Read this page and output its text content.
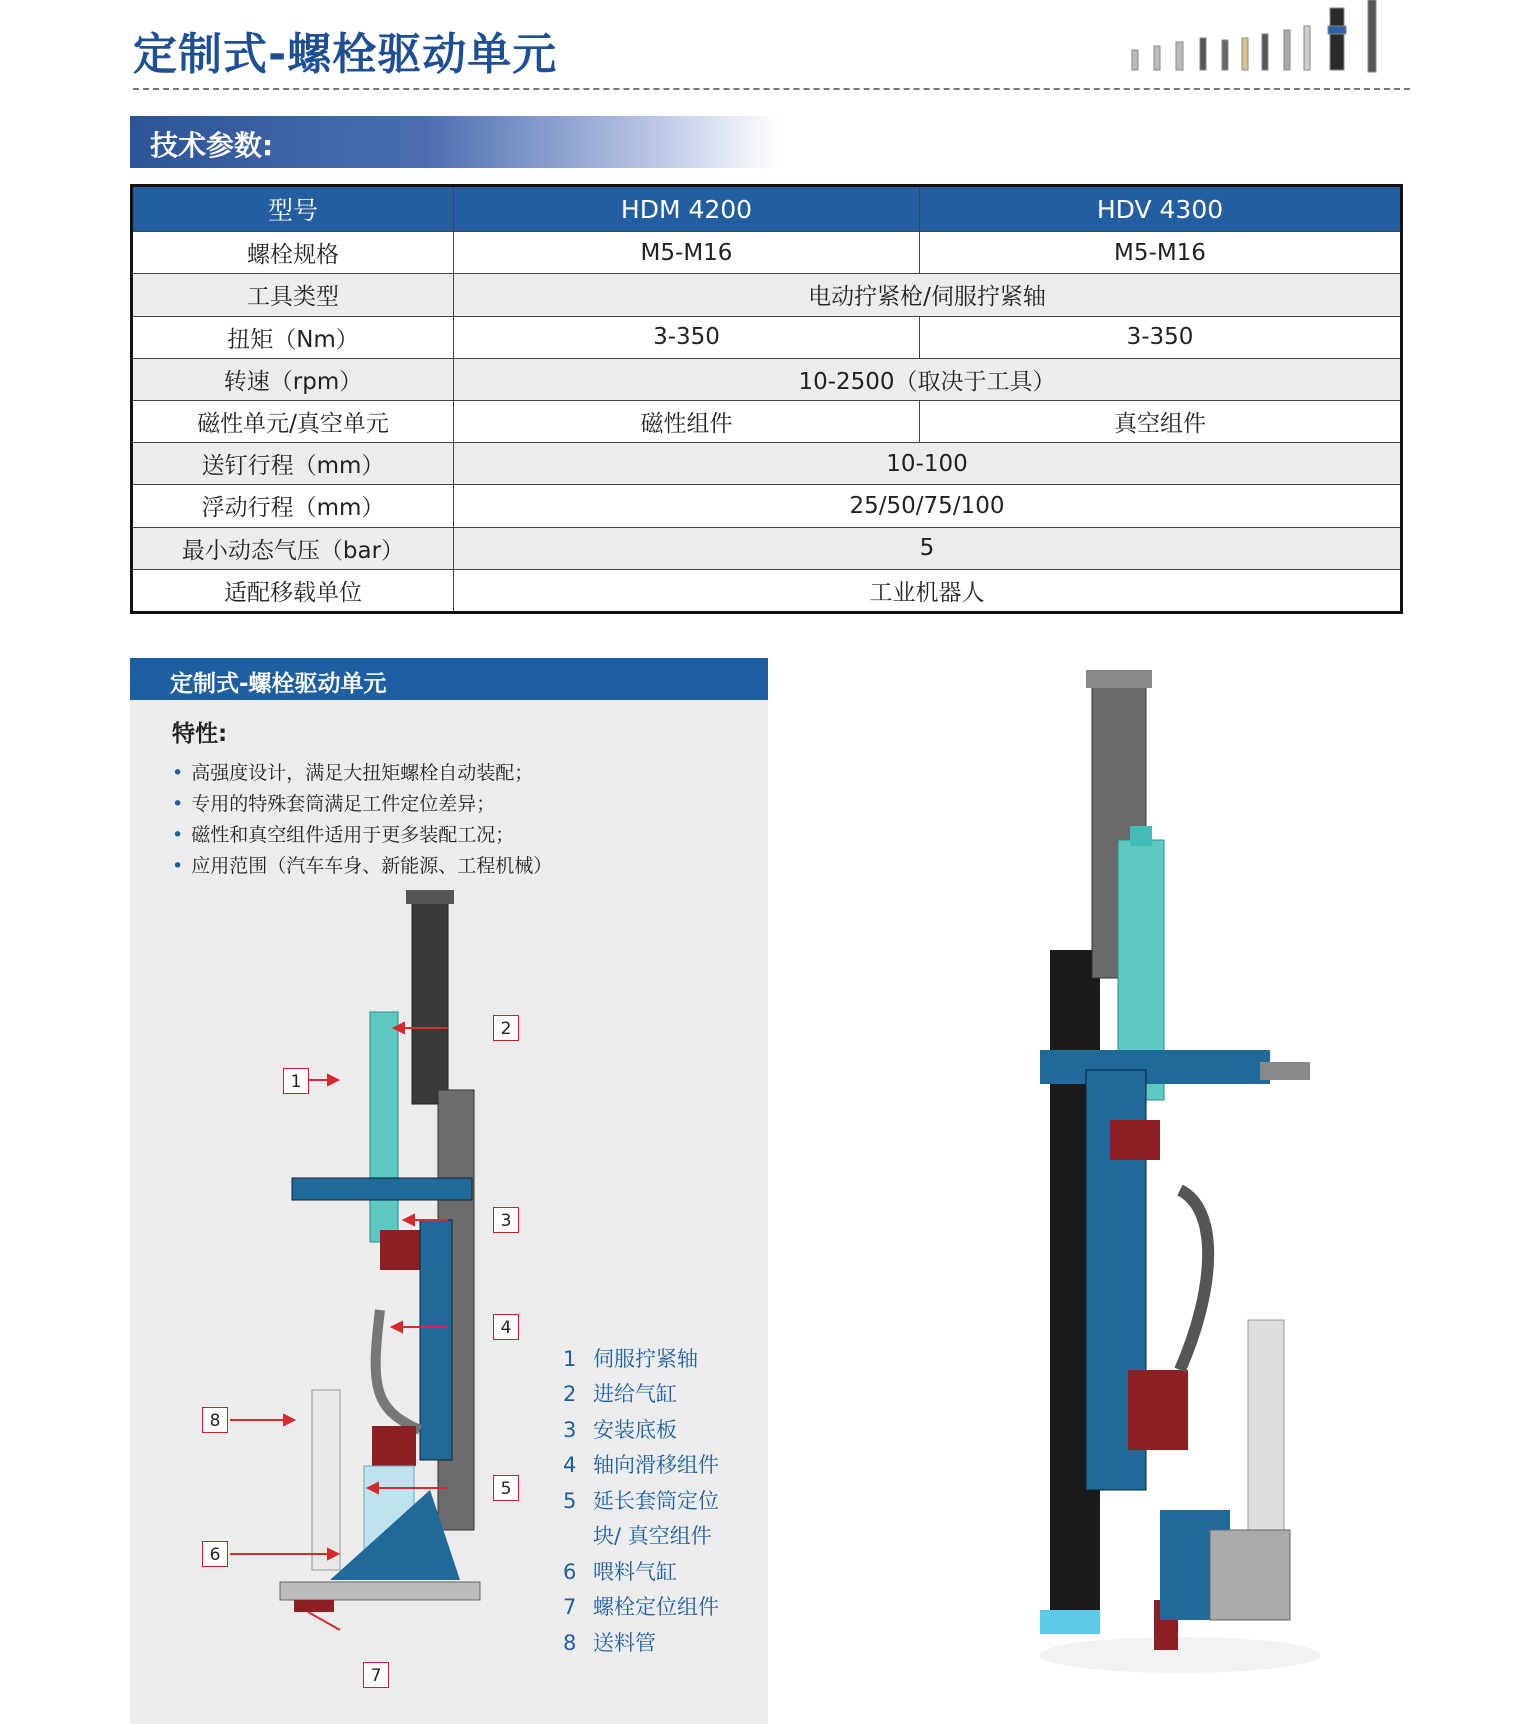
定制式-螺栓驱动单元
技术参数:
型号	HDM 4200	HDV 4300
螺栓规格	M5-M16	M5-M16
工具类型	电动拧紧枪/伺服拧紧轴	
扭矩（Nm）	3-350	3-350
转速（rpm）	10-2500（取决于工具）	
磁性单元/真空单元	磁性组件	真空组件
送钉行程（mm）	10-100	
浮动行程（mm）	25/50/75/100	
最小动态气压（bar）	5	
适配移载单位	工业机器人	
定制式-螺栓驱动单元
特性:
• 高强度设计，满足大扭矩螺栓自动装配；
• 专用的特殊套筒满足工件定位差异；
• 磁性和真空组件适用于更多装配工况；
• 应用范围（汽车车身、新能源、工程机械）
1
2
3
4
5
6
7
8
1 伺服拧紧轴
2 进给气缸
3 安装底板
4 轴向滑移组件
5 延长套筒定位
块/ 真空组件
6 喂料气缸
7 螺栓定位组件
8 送料管
